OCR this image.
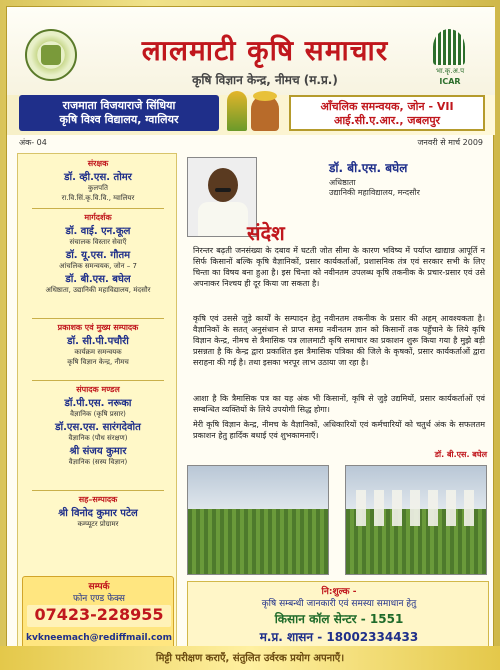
लालमाटी कृषि समाचार
कृषि विज्ञान केन्द्र, नीमच (म.प्र.)
भा.कृ.अ.प
ICAR
राजमाता विजयाराजे सिंधिया
कृषि विश्व विद्यालय, ग्वालियर
आँचलिक समन्वयक, जोन - VII
आई.सी.ए.आर., जबलपुर
अंक- 04	जनवरी से मार्च 2009
संरक्षक
डॉ. व्ही.एस. तोमर
कुलपति
रा.वि.सिं.कृ.वि.वि., ग्वालियर
मार्गदर्शक
डॉ. वाई. एन.कूल
संचालक विस्तार सेवाएँ
डॉ. यू.एस. गौतम
आंचलिक समन्वयक, जोन – 7
डॉ. बी.एस. बघेल
अधिष्ठाता, उद्यानिकी महाविद्यालय, मंदसौर
प्रकाशक एवं मुख्य सम्पादक
डॉ. सी.पी.पचौरी
कार्यक्रम समन्वयक
कृषि विज्ञान केन्द्र, नीमच
संपादक मण्डल
डॉ.पी.एस. नरूका
वैज्ञानिक (कृषि प्रसार)
डॉ.एस.एस. सारंगदेवोत
वैज्ञानिक (पौध संरक्षण)
श्री संजय कुमार
वैज्ञानिक (सस्य विज्ञान)
सह–सम्पादक
श्री विनोद कुमार पटेल
कम्प्यूटर प्रोग्रामर
सम्पर्क
फोन एण्ड फेक्स
07423-228955
kvkneemach@rediffmail.com
डॉ. बी.एस. बघेल
अधिष्ठाता
उद्यानिकी महाविद्यालय, मन्दसौर
संदेश
निरन्तर बढ़ती जनसंख्या के दबाव में घटती जोत सीमा के कारण भविष्य में पर्याप्त खाद्यान्न आपूर्ति न सिर्फ किसानों बल्कि कृषि वैज्ञानिकों, प्रसार कार्यकर्ताओं, प्रशासनिक तंत्र एवं सरकार सभी के लिए चिन्ता का विषय बना हुआ है। इस चिन्ता को नवीनतम उपलब्ध कृषि तकनीक के प्रचार-प्रसार एवं उसे अपनाकर निश्चय ही दूर किया जा सकता है।
कृषि एवं उससे जुड़े कार्यों के सम्पादन हेतु नवीनतम तकनीक के प्रसार की अहम् आवश्यकता है। वैज्ञानिकों के सतत् अनुसंधान से प्राप्त समग्र नवीनतम ज्ञान को किसानों तक पहुँचाने के लिये कृषि विज्ञान केन्द्र, नीमच से त्रैमासिक पत्र लालमाटी कृषि समाचार का प्रकाशन शुरू किया गया है मुझे बड़ी प्रसन्नता है कि केन्द्र द्वारा प्रकाशित इस त्रैमासिक पत्रिका की जिले के कृषकों, प्रसार कार्यकर्ताओं द्वारा सराहना की गई है। तथा इसका भरपूर लाभ उठाया जा रहा है।
आशा है कि त्रैमासिक पत्र का यह अंक भी किसानों, कृषि से जुड़े उद्यमियों, प्रसार कार्यकर्ताओं एवं सम्बन्धित व्यक्तियों के लिये उपयोगी सिद्ध होगा।
मेरी कृषि विज्ञान केन्द्र, नीमच के वैज्ञानिकों, अधिकारियों एवं कर्मचारियों को चतुर्थ अंक के सफलतम प्रकाशन हेतु हार्दिक बधाई एवं शुभकामनाएँ।
डॉ. बी.एस. बघेल
नि:शुल्क -
कृषि सम्बन्धी जानकारी एवं समस्या समाधान हेतु
किसान कॉल सेन्टर - 1551
म.प्र. शासन - 18002334433
मिट्टी परीक्षण कराएँ, संतुलित उर्वरक प्रयोग अपनाएँ।
